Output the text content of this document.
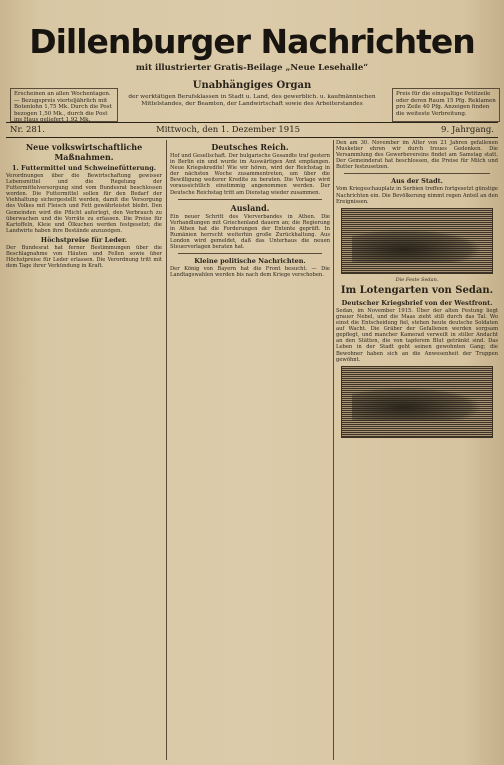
Dillenburger Nachrichten
mit illustrierter Gratis-Beilage „Neue Lesehalle“
Erscheinen an allen Wochentagen. — Bezugspreis vierteljährlich mit Botenlohn 1,75 Mk. Durch die Post bezogen 1,50 Mk., durch die Post ins Haus geliefert 1,92 Mk.
Unabhängiges Organ
der werktätigen Berufsklassen in Stadt u. Land, des gewerblich. u. kaufmännischen Mittelstandes, der Beamten, der Landwirtschaft sowie des Arbeiterstandes
Preis für die einspaltige Petitzeile oder deren Raum 15 Pfg. Reklamen pro Zeile 40 Pfg. Anzeigen finden die weiteste Verbreitung.
Nr. 281.	Mittwoch, den 1. Dezember 1915	9. Jahrgang.
Neue volkswirtschaftliche Maßnahmen.
1. Futtermittel und Schweinefütterung.

Verordnungen über die Bewirtschaftung gewisser Lebensmittel und die Regelung der Futtermittelversorgung sind vom Bundesrat beschlossen worden. Die Futtermittel sollen für den Bedarf der Viehhaltung sichergestellt werden, damit die Versorgung des Volkes mit Fleisch und Fett gewährleistet bleibt. Den Gemeinden wird die Pflicht auferlegt, den Verbrauch zu überwachen und die Vorräte zu erfassen. Die Preise für Kartoffeln, Kleie und Ölkuchen werden festgesetzt; die Landwirte haben ihre Bestände anzuzeigen.

Höchstpreise für Leder.

Der Bundesrat hat ferner Bestimmungen über die Beschlagnahme von Häuten und Fellen sowie über Höchstpreise für Leder erlassen. Die Verordnung tritt mit dem Tage ihrer Verkündung in Kraft.

Deutsches Reich.

Hof und Gesellschaft. Der bulgarische Gesandte traf gestern in Berlin ein und wurde im Auswärtigen Amt empfangen. Neue Kriegskredite! Wie wir hören, wird der Reichstag in der nächsten Woche zusammentreten, um über die Bewilligung weiterer Kredite zu beraten. Die Vorlage wird voraussichtlich einstimmig angenommen werden. Der Deutsche Reichstag tritt am Dienstag wieder zusammen.

Ausland.

Ein neuer Schritt des Vierverbandes in Athen. Die Verhandlungen mit Griechenland dauern an; die Regierung in Athen hat die Forderungen der Entente geprüft. In Rumänien herrscht weiterhin große Zurückhaltung. Aus London wird gemeldet, daß das Unterhaus die neuen Steuervorlagen beraten hat.

Kleine politische Nachrichten.

Der König von Bayern hat die Front besucht. — Die Landtagswahlen werden bis nach dem Kriege verschoben.

Den am 30. November im Alter von 21 Jahren gefallenen Musketier ehren wir durch treues Gedenken. Die Versammlung des Gewerbevereins findet am Samstag statt. Der Gemeinderat hat beschlossen, die Preise für Milch und Butter festzusetzen.

Aus der Stadt.

Vom Kriegsschauplatz in Serbien treffen fortgesetzt günstige Nachrichten ein. Die Bevölkerung nimmt regen Anteil an den Ereignissen.

Die Feste Sedan.
Im Lotengarten von Sedan.
Deutscher Kriegsbrief von der Westfront.

Sedan, im November 1915. Über der alten Festung liegt grauer Nebel, und die Maas zieht still durch das Tal. Wo einst die Entscheidung fiel, stehen heute deutsche Soldaten auf Wacht. Die Gräber der Gefallenen werden sorgsam gepflegt, und mancher Kamerad verweilt in stiller Andacht an den Stätten, die von tapferem Blut getränkt sind. Das Leben in der Stadt geht seinen gewohnten Gang; die Bewohner haben sich an die Anwesenheit der Truppen gewöhnt.
